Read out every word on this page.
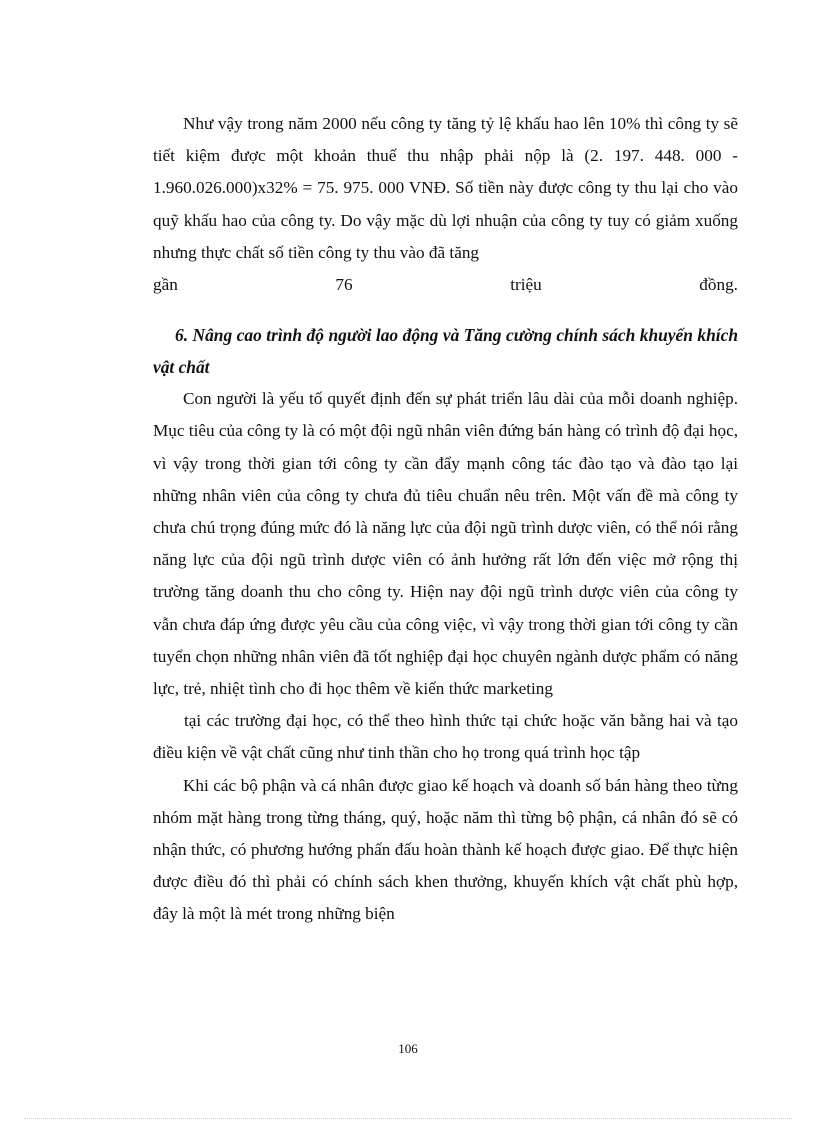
Như vậy trong năm 2000 nếu công ty tăng tỷ lệ khấu hao lên 10% thì công ty sẽ tiết kiệm được một khoản thuế thu nhập phải nộp là (2. 197. 448. 000 - 1.960.026.000)x32% = 75. 975. 000 VNĐ. Số tiền này được công ty thu lại cho vào quỹ khấu hao của công ty. Do vậy mặc dù lợi nhuận của công ty tuy có giảm xuống nhưng thực chất số tiền công ty thu vào đã tăng

gần	76	triệu	đồng.

6. Nâng cao trình độ người lao động và Tăng cường chính sách khuyến khích vật chất

Con người là yếu tố quyết định đến sự phát triển lâu dài của mỗi doanh nghiệp. Mục tiêu của công ty là có một đội ngũ nhân viên đứng bán hàng có trình độ đại học, vì vậy trong thời gian tới công ty cần đẩy mạnh công tác đào tạo và đào tạo lại những nhân viên của công ty chưa đủ tiêu chuẩn nêu trên. Một vấn đề mà công ty chưa chú trọng đúng mức đó là năng lực của đội ngũ trình dược viên, có thể nói rằng năng lực của đội ngũ trình dược viên có ảnh hưởng rất lớn đến việc mở rộng thị trường tăng doanh thu cho công ty. Hiện nay đội ngũ trình dược viên của công ty vẫn chưa đáp ứng được yêu cầu của công việc, vì vậy trong thời gian tới công ty cần tuyển chọn những nhân viên đã tốt nghiệp đại học chuyên ngành dược phẩm có năng lực, trẻ, nhiệt tình cho đi học thêm về kiến thức marketing

tại các trường đại học, có thể theo hình thức tại chức hoặc văn bằng hai và tạo điều kiện về vật chất cũng như tinh thần cho họ trong quá trình học tập

Khi các bộ phận và cá nhân được giao kế hoạch và doanh số bán hàng theo từng nhóm mặt hàng trong từng tháng, quý, hoặc năm thì từng bộ phận, cá nhân đó sẽ có nhận thức, có phương hướng phấn đấu hoàn thành kế hoạch được giao. Để thực hiện được điều đó thì phải có chính sách khen thưởng, khuyến khích vật chất phù hợp, đây là một là mét trong những biện

106
